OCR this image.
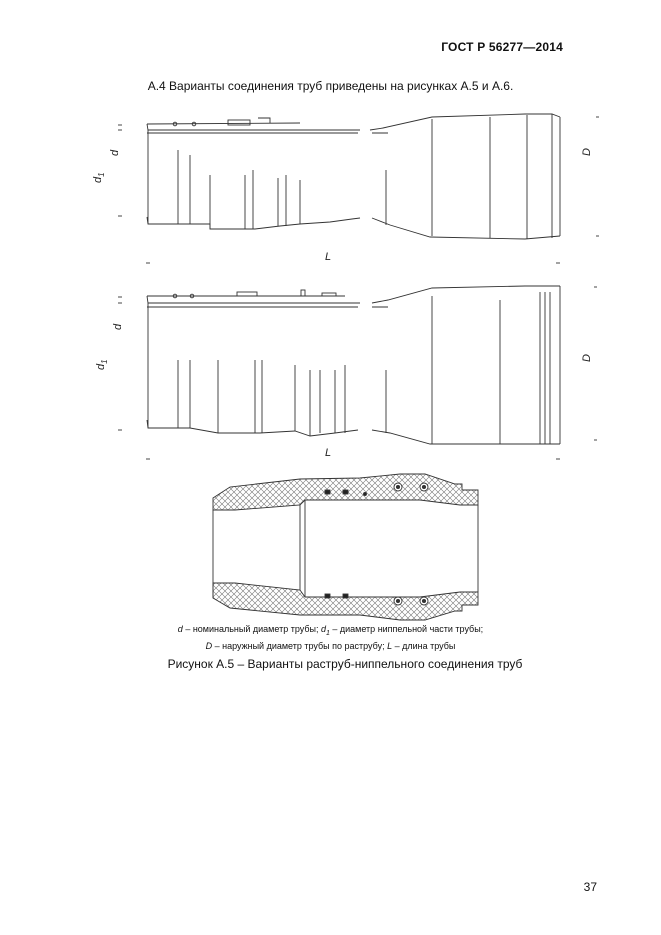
ГОСТ Р 56277—2014
А.4 Варианты соединения труб приведены на рисунках А.5 и А.6.
$d_1$
d	D
L
$d_1$
d
D
L
d – номинальный диаметр трубы; $d_1$ – диаметр ниппельной части трубы;
D – наружный диаметр трубы по раструбу; L – длина трубы
Рисунок А.5 – Варианты раструб-ниппельного соединения труб
37
